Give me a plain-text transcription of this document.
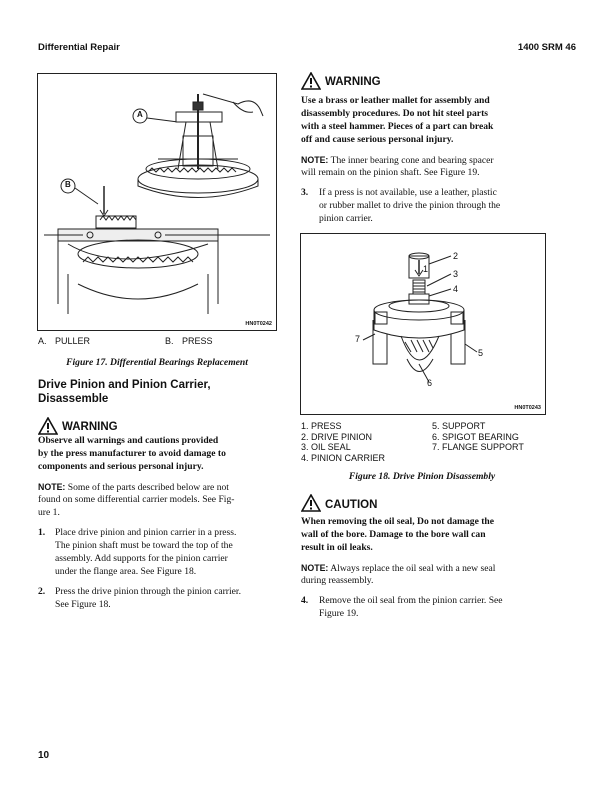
Differential Repair	1400 SRM 46
A
B
HN0T0242
A. PULLER	B. PRESS
Figure 17. Differential Bearings Replacement
Drive Pinion and Pinion Carrier,
Disassemble
WARNING
Observe all warnings and cautions provided
by the press manufacturer to avoid damage to
components and serious personal injury.
NOTE: Some of the parts described below are not
found on some differential carrier models. See Fig-
ure 1.
1. Place drive pinion and pinion carrier in a press.
The pinion shaft must be toward the top of the
assembly. Add supports for the pinion carrier
under the flange area. See Figure 18.
2. Press the drive pinion through the pinion carrier.
See Figure 18.
WARNING
Use a brass or leather mallet for assembly and
disassembly procedures. Do not hit steel parts
with a steel hammer. Pieces of a part can break
off and cause serious personal injury.
NOTE: The inner bearing cone and bearing spacer
will remain on the pinion shaft. See Figure 19.
3. If a press is not available, use a leather, plastic
or rubber mallet to drive the pinion through the
pinion carrier.
1
2
3
4
5
6
7
HN0T0243
1. PRESS
2. DRIVE PINION
3. OIL SEAL
4. PINION CARRIER
5. SUPPORT
6. SPIGOT BEARING
7. FLANGE SUPPORT
Figure 18. Drive Pinion Disassembly
CAUTION
When removing the oil seal, Do not damage the
wall of the bore. Damage to the bore wall can
result in oil leaks.
NOTE: Always replace the oil seal with a new seal
during reassembly.
4. Remove the oil seal from the pinion carrier. See
Figure 19.
10
